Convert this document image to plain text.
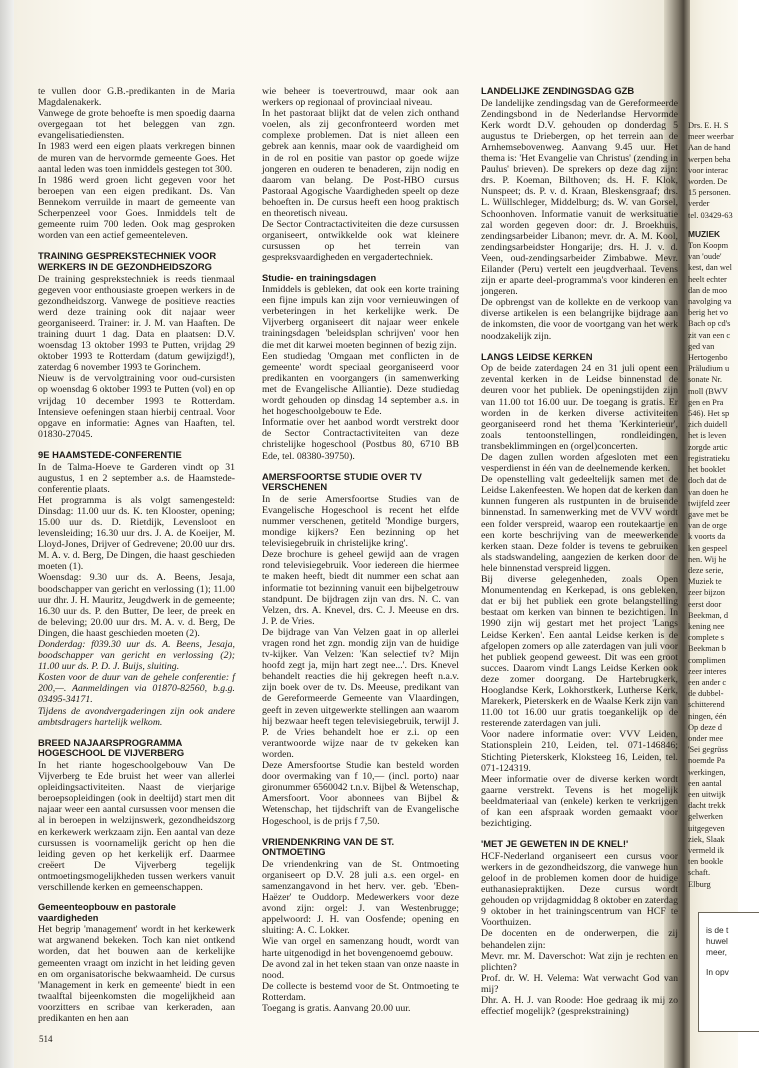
te vullen door G.B.-predikanten in de Maria Magdalenakerk.

Vanwege de grote behoefte is men spoedig daarna overgegaan tot het beleggen van zgn. evangelisatiediensten.

In 1983 werd een eigen plaats verkregen binnen de muren van de hervormde gemeente Goes. Het aantal leden was toen inmiddels gestegen tot 300.

In 1986 werd groen licht gegeven voor het beroepen van een eigen predikant. Ds. Van Bennekom verruilde in maart de gemeente van Scherpenzeel voor Goes. Inmiddels telt de gemeente ruim 700 leden. Ook mag gesproken worden van een actief gemeenteleven.

TRAINING GESPREKSTECHNIEK VOOR WERKERS IN DE GEZONDHEIDSZORG

De training gesprekstechniek is reeds tienmaal gegeven voor enthousiaste groepen werkers in de gezondheidszorg. Vanwege de positieve reacties werd deze training ook dit najaar weer georganiseerd. Trainer: ir. J. M. van Haaften. De training duurt 1 dag. Data en plaatsen: D.V. woensdag 13 oktober 1993 te Putten, vrijdag 29 oktober 1993 te Rotterdam (datum gewijzigd!), zaterdag 6 november 1993 te Gorinchem.

Nieuw is de vervolgtraining voor oud-cursisten op woensdag 6 oktober 1993 te Putten (vol) en op vrijdag 10 december 1993 te Rotterdam. Intensieve oefeningen staan hierbij centraal. Voor opgave en informatie: Agnes van Haaften, tel. 01830-27045.

9E HAAMSTEDE-CONFERENTIE

In de Talma-Hoeve te Garderen vindt op 31 augustus, 1 en 2 september a.s. de Haamstede-conferentie plaats.

Het programma is als volgt samengesteld: Dinsdag: 11.00 uur ds. K. ten Klooster, opening; 15.00 uur ds. D. Rietdijk, Levensloot en levensleiding; 16.30 uur drs. J. A. de Koeijer, M. Lloyd-Jones, Drijver of Gedrevene; 20.00 uur drs. M. A. v. d. Berg, De Dingen, die haast geschieden moeten (1).

Woensdag: 9.30 uur ds. A. Beens, Jesaja, boodschapper van gericht en verlossing (1); 11.00 uur dhr. J. H. Mauritz, Jeugdwerk in de gemeente; 16.30 uur ds. P. den Butter, De leer, de preek en de beleving; 20.00 uur drs. M. A. v. d. Berg, De Dingen, die haast geschieden moeten (2).

Donderdag: f039.30 uur ds. A. Beens, Jesaja, boodschapper van gericht en verlossing (2); 11.00 uur ds. P. D. J. Buijs, sluiting.

Kosten voor de duur van de gehele conferentie: f 200,—. Aanmeldingen via 01870-82560, b.g.g. 03495-34171.

Tijdens de avondvergaderingen zijn ook andere ambtsdragers hartelijk welkom.

BREED NAJAARSPROGRAMMA HOGESCHOOL DE VIJVERBERG

In het riante hogeschoolgebouw Van De Vijverberg te Ede bruist het weer van allerlei opleidingsactiviteiten. Naast de vierjarige beroepsopleidingen (ook in deeltijd) start men dit najaar weer een aantal cursussen voor mensen die al in beroepen in welzijnswerk, gezondheidszorg en kerkewerk werkzaam zijn. Een aantal van deze cursussen is voornamelijk gericht op hen die leiding geven op het kerkelijk erf. Daarmee creëert De Vijverberg tegelijk ontmoetingsmogelijkheden tussen werkers vanuit verschillende kerken en gemeenschappen.

Gemeenteopbouw en pastorale vaardigheden

Het begrip 'management' wordt in het kerkewerk wat argwanend bekeken. Toch kan niet ontkend worden, dat het bouwen aan de kerkelijke gemeenten vraagt om inzicht in het leiding geven en om organisatorische bekwaamheid. De cursus 'Management in kerk en gemeente' biedt in een twaalftal bijeenkomsten die mogelijkheid aan voorzitters en scribae van kerkeraden, aan predikanten en hen aan

wie beheer is toevertrouwd, maar ook aan werkers op regionaal of provinciaal niveau.

In het pastoraat blijkt dat de velen zich onthand voelen, als zij geconfronteerd worden met complexe problemen. Dat is niet alleen een gebrek aan kennis, maar ook de vaardigheid om in de rol en positie van pastor op goede wijze jongeren en ouderen te benaderen, zijn nodig en daarom van belang. De Post-HBO cursus Pastoraal Agogische Vaardigheden speelt op deze behoeften in. De cursus heeft een hoog praktisch en theoretisch niveau.

De Sector Contractactiviteiten die deze cursussen organiseert, ontwikkelde ook wat kleinere cursussen op het terrein van gespreksvaardigheden en vergadertechniek.

Studie- en trainingsdagen

Inmiddels is gebleken, dat ook een korte training een fijne impuls kan zijn voor vernieuwingen of verbeteringen in het kerkelijke werk. De Vijverberg organiseert dit najaar weer enkele trainingsdagen 'beleidsplan schrijven' voor hen die met dit karwei moeten beginnen of bezig zijn.

Een studiedag 'Omgaan met conflicten in de gemeente' wordt speciaal georganiseerd voor predikanten en voorgangers (in samenwerking met de Evangelische Alliantie). Deze studiedag wordt gehouden op dinsdag 14 september a.s. in het hogeschoolgebouw te Ede.

Informatie over het aanbod wordt verstrekt door de Sector Contractactiviteiten van deze christelijke hogeschool (Postbus 80, 6710 BB Ede, tel. 08380-39750).

AMERSFOORTSE STUDIE OVER TV VERSCHENEN

In de serie Amersfoortse Studies van de Evangelische Hogeschool is recent het elfde nummer verschenen, getiteld 'Mondige burgers, mondige kijkers? Een bezinning op het televisiegebruik in christelijke kring'.

Deze brochure is geheel gewijd aan de vragen rond televisiegebruik. Voor iedereen die hiermee te maken heeft, biedt dit nummer een schat aan informatie tot bezinning vanuit een bijbelgetrouw standpunt. De bijdragen zijn van drs. N. C. van Velzen, drs. A. Knevel, drs. C. J. Meeuse en drs. J. P. de Vries.

De bijdrage van Van Velzen gaat in op allerlei vragen rond het zgn. mondig zijn van de huidige tv-kijker. Van Velzen: 'Kan selectief tv? Mijn hoofd zegt ja, mijn hart zegt nee...'. Drs. Knevel behandelt reacties die hij gekregen heeft n.a.v. zijn boek over de tv. Ds. Meeuse, predikant van de Gereformeerde Gemeente van Vlaardingen, geeft in zeven uitgewerkte stellingen aan waarom hij bezwaar heeft tegen televisiegebruik, terwijl J. P. de Vries behandelt hoe er z.i. op een verantwoorde wijze naar de tv gekeken kan worden.

Deze Amersfoortse Studie kan besteld worden door overmaking van f 10,— (incl. porto) naar gironummer 6560042 t.n.v. Bijbel & Wetenschap, Amersfoort. Voor abonnees van Bijbel & Wetenschap, het tijdschrift van de Evangelische Hogeschool, is de prijs f 7,50.

VRIENDENKRING VAN DE ST. ONTMOETING

De vriendenkring van de St. Ontmoeting organiseert op D.V. 28 juli a.s. een orgel- en samenzangavond in het herv. ver. geb. 'Eben-Haëzer' te Ouddorp. Medewerkers voor deze avond zijn: orgel: J. van Westenbrugge; appelwoord: J. H. van Oosfende; opening en sluiting: A. C. Lokker.

Wie van orgel en samenzang houdt, wordt van harte uitgenodigd in het bovengenoemd gebouw.

De avond zal in het teken staan van onze naaste in nood.

De collecte is bestemd voor de St. Ontmoeting te Rotterdam.

Toegang is gratis. Aanvang 20.00 uur.

LANDELIJKE ZENDINGSDAG GZB

De landelijke zendingsdag van de Gereformeerde Zendingsbond in de Nederlandse Hervormde Kerk wordt D.V. gehouden op donderdag 5 augustus te Driebergen, op het terrein aan de Arnhemsebovenweg. Aanvang 9.45 uur. Het thema is: 'Het Evangelie van Christus' (zending in Paulus' brieven). De sprekers op deze dag zijn: drs. P. Koeman, Bilthoven; ds. H. F. Klok, Nunspeet; ds. P. v. d. Kraan, Bleskensgraaf; drs. L. Wüllschleger, Middelburg; ds. W. van Gorsel, Schoonhoven. Informatie vanuit de werksituatie zal worden gegeven door: dr. J. Broekhuis, zendingsarbeider Libanon; mevr. dr. A. M. Kool, zendingsarbeidster Hongarije; drs. H. J. v. d. Veen, oud-zendingsarbeider Zimbabwe. Mevr. Eilander (Peru) vertelt een jeugdverhaal. Tevens zijn er aparte deel-programma's voor kinderen en jongeren.

De opbrengst van de kollekte en de verkoop van diverse artikelen is een belangrijke bijdrage aan de inkomsten, die voor de voortgang van het werk noodzakelijk zijn.

LANGS LEIDSE KERKEN

Op de beide zaterdagen 24 en 31 juli opent een zevental kerken in de Leidse binnenstad de deuren voor het publiek. De openingstijden zijn van 11.00 tot 16.00 uur. De toegang is gratis. Er worden in de kerken diverse activiteiten georganiseerd rond het thema 'Kerkinterieur', zoals tentoonstellingen, rondleidingen, transbeklimmingen en (orgel)concerten.

De dagen zullen worden afgesloten met een vesperdienst in één van de deelnemende kerken.

De openstelling valt gedeeltelijk samen met de Leidse Lakenfeesten. We hopen dat de kerken dan kunnen fungeren als rustpunten in de bruisende binnenstad. In samenwerking met de VVV wordt een folder verspreid, waarop een routekaartje en een korte beschrijving van de meewerkende kerken staan. Deze folder is tevens te gebruiken als stadswandeling, aangezien de kerken door de hele binnenstad verspreid liggen.

Bij diverse gelegenheden, zoals Open Monumentendag en Kerkepad, is ons gebleken, dat er bij het publiek een grote belangstelling bestaat om kerken van binnen te bezichtigen. In 1990 zijn wij gestart met het project 'Langs Leidse Kerken'. Een aantal Leidse kerken is de afgelopen zomers op alle zaterdagen van juli voor het publiek geopend geweest. Dit was een groot succes. Daarom vindt Langs Leidse Kerken ook deze zomer doorgang. De Hartebrugkerk, Hooglandse Kerk, Lokhorstkerk, Lutherse Kerk, Marekerk, Pieterskerk en de Waalse Kerk zijn van 11.00 tot 16.00 uur gratis toegankelijk op de resterende zaterdagen van juli.

Voor nadere informatie over: VVV Leiden, Stationsplein 210, Leiden, tel. 071-146846; Stichting Pieterskerk, Kloksteeg 16, Leiden, tel. 071-124319.

Meer informatie over de diverse kerken wordt gaarne verstrekt. Tevens is het mogelijk beeldmateriaal van (enkele) kerken te verkrijgen of kan een afspraak worden gemaakt voor bezichtiging.

'MET JE GEWETEN IN DE KNEL!'

HCF-Nederland organiseert een cursus voor werkers in de gezondheidszorg, die vanwege hun geloof in de problemen komen door de huidige euthanasiepraktijken. Deze cursus wordt gehouden op vrijdagmiddag 8 oktober en zaterdag 9 oktober in het trainingscentrum van HCF te Voorthuizen.

De docenten en de onderwerpen, die zij behandelen zijn:

Mevr. mr. M. Daverschot: Wat zijn je rechten en plichten?

Prof. dr. W. H. Velema: Wat verwacht God van mij?

Dhr. A. H. J. van Roode: Hoe gedraag ik mij zo effectief mogelijk? (gesprekstraining)

514
Drs. E. H. S
meer weerbar
Aan de hand
werpen beha
voor interac
worden. De
15 personen.
verder
tel. 03429-63
MUZIEK
Ton Koopm
van 'oude'
kest, dan wel
heelt echter
dan de moo
navolging va
berig het vo
Bach op cd's
zit van een c
ged van
Hertogenbo
Präludium u
sonate Nr.
moll (BWV
gen en Pra
546). Het sp
zich duidell
het is leven
zorgde artic
registratieku
het booklet
doch dat de
van doen he
twijfeld zeer
gave met be
van de orge
k voorts da
ken gespeel
nen. Wij he
deze serie,
Muziek te
zeer bijzon
eerst door
Beekman, d
kening nee
complete s
Beekman b
complimen
zeer interes
een ander c
de dubbel-
schitterend
ningen, één
Op deze d
onder mee
'Sei gegrüss
noemde Pa
werkingen,
een aantal
een uitwijk
dacht trekk
gelwerken
uitgegeven
ziek, Slaak
vermeld ik
ten bookle
schaft.
Elburg
is de t
huwel
meer,
In opv
